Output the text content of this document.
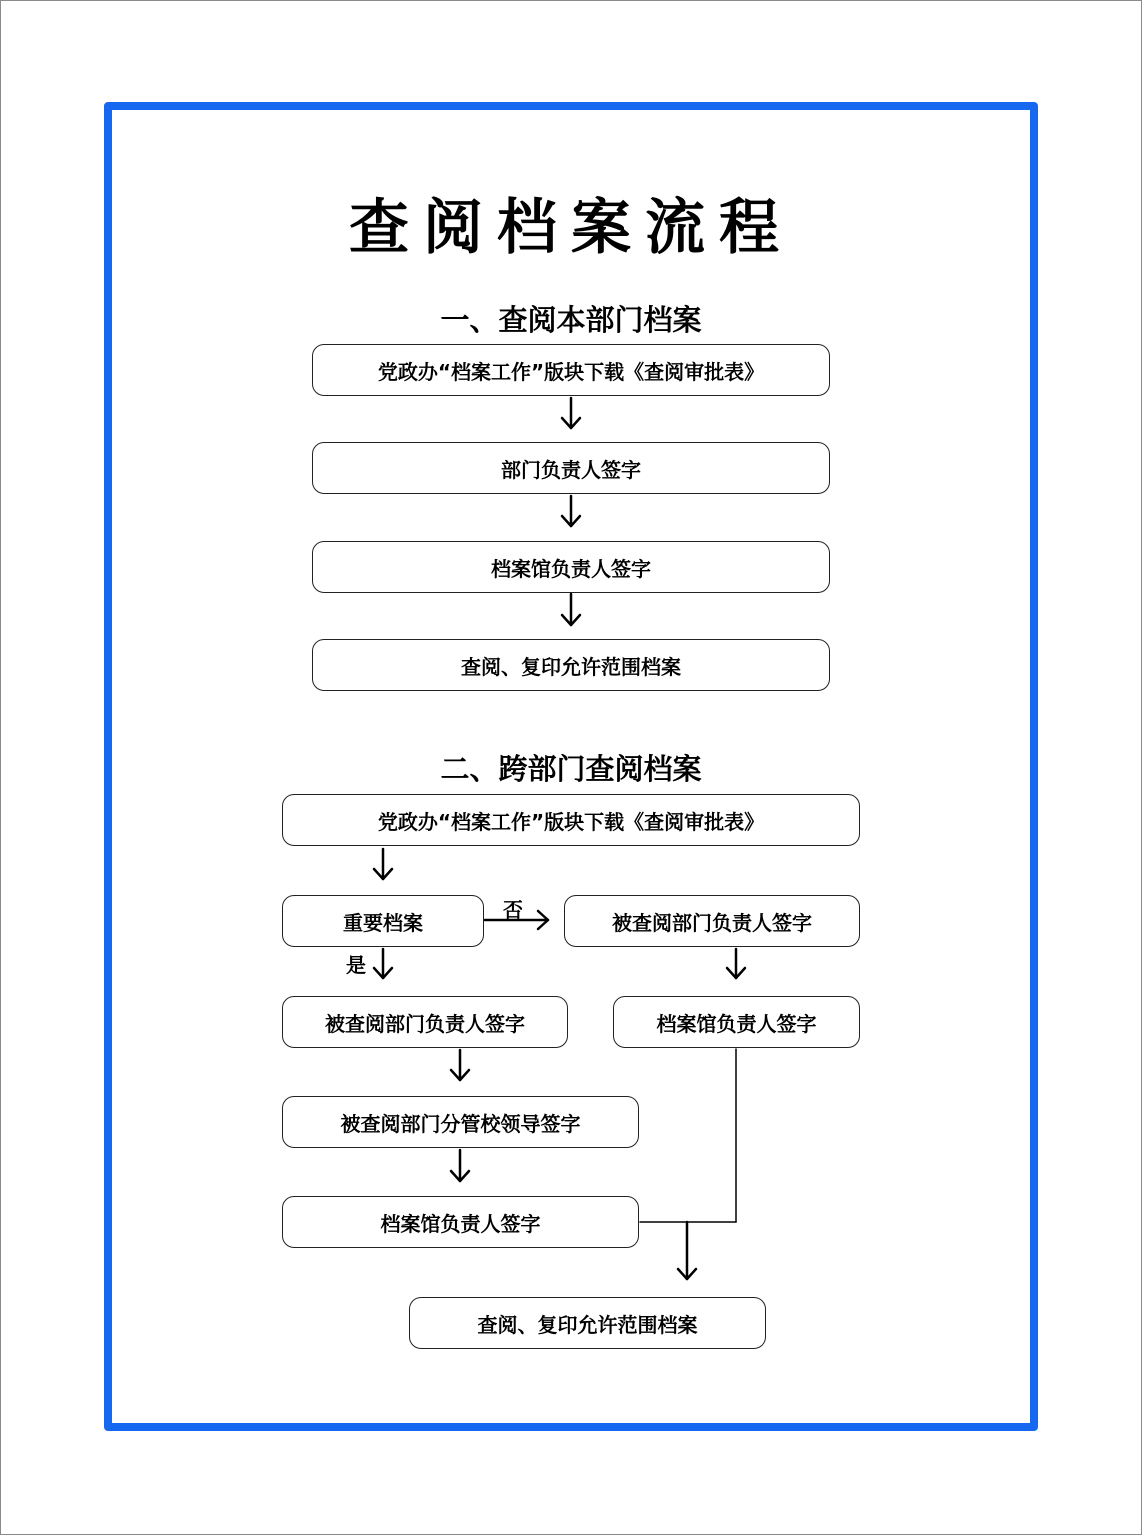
查阅档案流程
一、查阅本部门档案
党政办“档案工作”版块下载《查阅审批表》
部门负责人签字
档案馆负责人签字
查阅、复印允许范围档案
二、跨部门查阅档案
党政办“档案工作”版块下载《查阅审批表》
重要档案
否
是
被查阅部门负责人签字
档案馆负责人签字
被查阅部门负责人签字
被查阅部门分管校领导签字
档案馆负责人签字
查阅、复印允许范围档案
